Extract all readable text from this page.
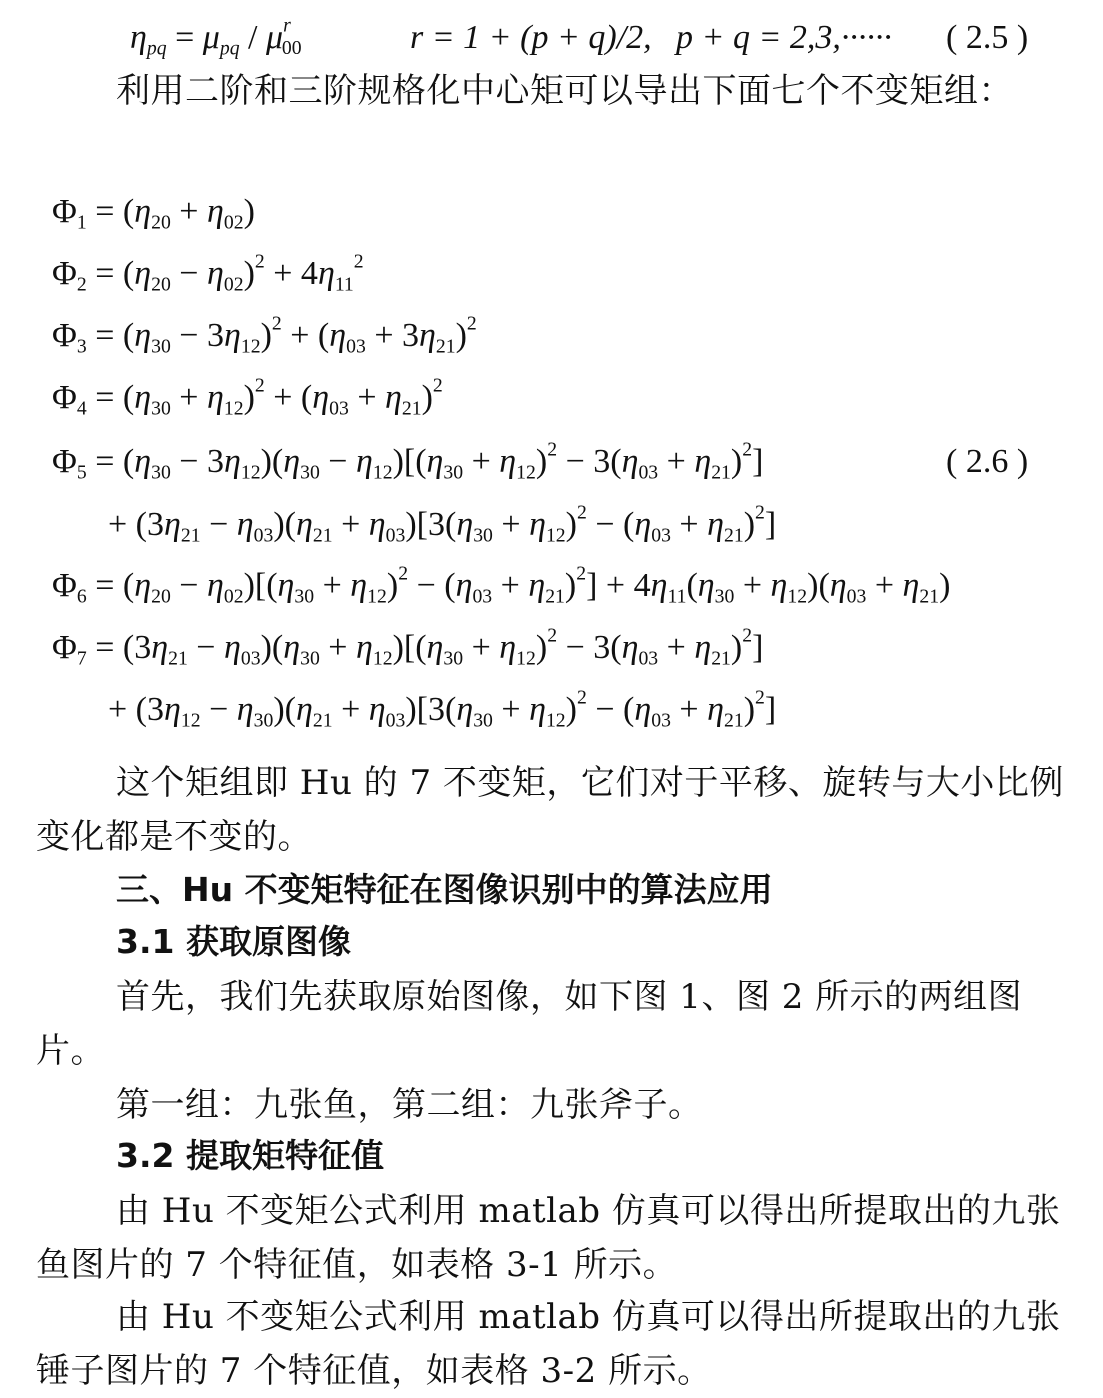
$\eta_{pq} = \mu_{pq} / \mu^r_{00}$	r = 1 + (p + q)/2, p + q = 2,3,······ ( 2.5 )
利用二阶和三阶规格化中心矩可以导出下面七个不变矩组：
$\Phi_1 = (\eta_{20} + \eta_{02})$
$\Phi_2 = (\eta_{20} - \eta_{02})^2 + 4\eta_{11}^2$
$\Phi_3 = (\eta_{30} - 3\eta_{12})^2 + (\eta_{03} + 3\eta_{21})^2$
$\Phi_4 = (\eta_{30} + \eta_{12})^2 + (\eta_{03} + \eta_{21})^2$
$\Phi_5 = (\eta_{30} - 3\eta_{12})(\eta_{30} - \eta_{12})[(\eta_{30} + \eta_{12})^2 - 3(\eta_{03} + \eta_{21})^2]$	( 2.6 )
+ $(3\eta_{21} - \eta_{03})(\eta_{21} + \eta_{03})[3(\eta_{30} + \eta_{12})^2 - (\eta_{03} + \eta_{21})^2]$
$\Phi_6 = (\eta_{20} - \eta_{02})[(\eta_{30} + \eta_{12})^2 - (\eta_{03} + \eta_{21})^2] + 4\eta_{11}(\eta_{30} + \eta_{12})(\eta_{03} + \eta_{21})$
$\Phi_7 = (3\eta_{21} - \eta_{03})(\eta_{30} + \eta_{12})[(\eta_{30} + \eta_{12})^2 - 3(\eta_{03} + \eta_{21})^2]$
+ $(3\eta_{12} - \eta_{30})(\eta_{21} + \eta_{03})[3(\eta_{30} + \eta_{12})^2 - (\eta_{03} + \eta_{21})^2]$
这个矩组即 Hu 的 7 不变矩，它们对于平移、旋转与大小比例变化都是不变的。
三、Hu 不变矩特征在图像识别中的算法应用
3.1 获取原图像
首先，我们先获取原始图像，如下图 1、图 2 所示的两组图片。
第一组：九张鱼，第二组：九张斧子。
3.2 提取矩特征值
由 Hu 不变矩公式利用 matlab 仿真可以得出所提取出的九张鱼图片的 7 个特征值，如表格 3-1 所示。
由 Hu 不变矩公式利用 matlab 仿真可以得出所提取出的九张锤子图片的 7 个特征值，如表格 3-2 所示。
